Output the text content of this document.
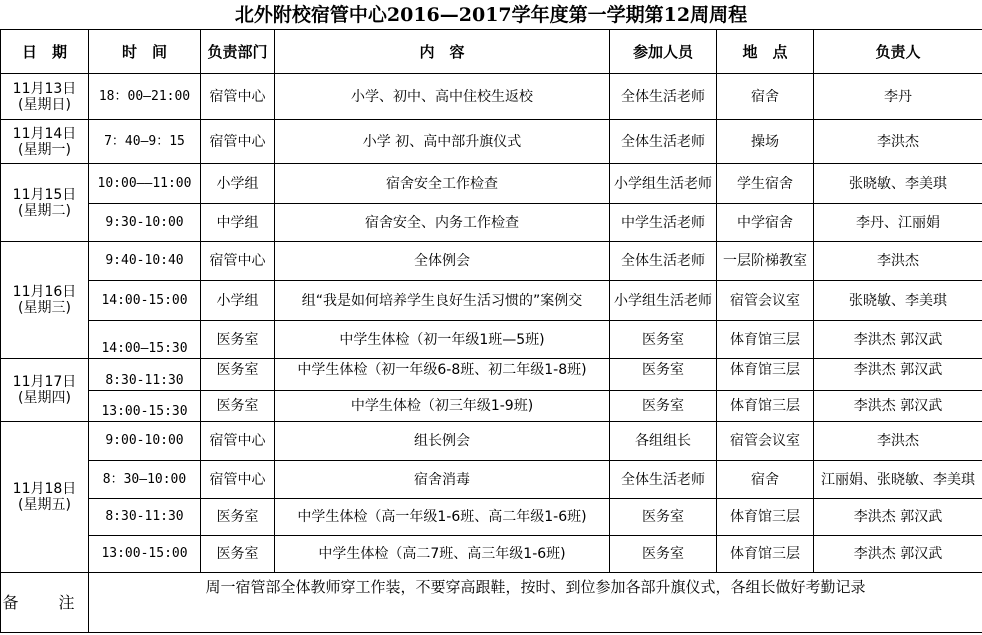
北外附校宿管中心2016—2017学年度第一学期第12周周程
日　期	时　间	负责部门	内　容	参加人员	地　点	负责人
11月13日
(星期日)	18：00—21:00	宿管中心	小学、初中、高中住校生返校	全体生活老师	宿舍	李丹
11月14日
(星期一)	7：40—9：15	宿管中心	小学 初、高中部升旗仪式	全体生活老师	操场	李洪杰
11月15日
(星期二)	10:00——11:00	小学组	宿舍安全工作检查	小学组生活老师	学生宿舍	张晓敏、李美琪
	9:30-10:00	中学组	宿舍安全、内务工作检查	中学生活老师	中学宿舍	李丹、江丽娟
11月16日
(星期三)	9:40-10:40	宿管中心	全体例会	全体生活老师	一层阶梯教室	李洪杰
	14:00-15:00	小学组	组“我是如何培养学生良好生活习惯的”案例交	小学组生活老师	宿管会议室	张晓敏、李美琪

	14:00—15:30	医务室	中学生体检（初一年级1班—5班)	医务室	体育馆三层	李洪杰 郭汉武
11月17日
(星期四)	8:30-11:30	医务室	中学生体检（初一年级6-8班、初二年级1-8班)	医务室	体育馆三层	李洪杰 郭汉武

	13:00-15:30	医务室	中学生体检（初三年级1-9班)	医务室	体育馆三层	李洪杰 郭汉武
11月18日
(星期五)	9:00-10:00	宿管中心	组长例会	各组组长	宿管会议室	李洪杰
	8：30—10:00	宿管中心	宿舍消毒	全体生活老师	宿舍	江丽娟、张晓敏、李美琪
	8:30-11:30	医务室	中学生体检（高一年级1-6班、高二年级1-6班)	医务室	体育馆三层	李洪杰 郭汉武
	13:00-15:00	医务室	中学生体检（高二7班、高三年级1-6班)	医务室	体育馆三层	李洪杰 郭汉武
备　注	周一宿管部全体教师穿工作装，不要穿高跟鞋，按时、到位参加各部升旗仪式，各组长做好考勤记录					
